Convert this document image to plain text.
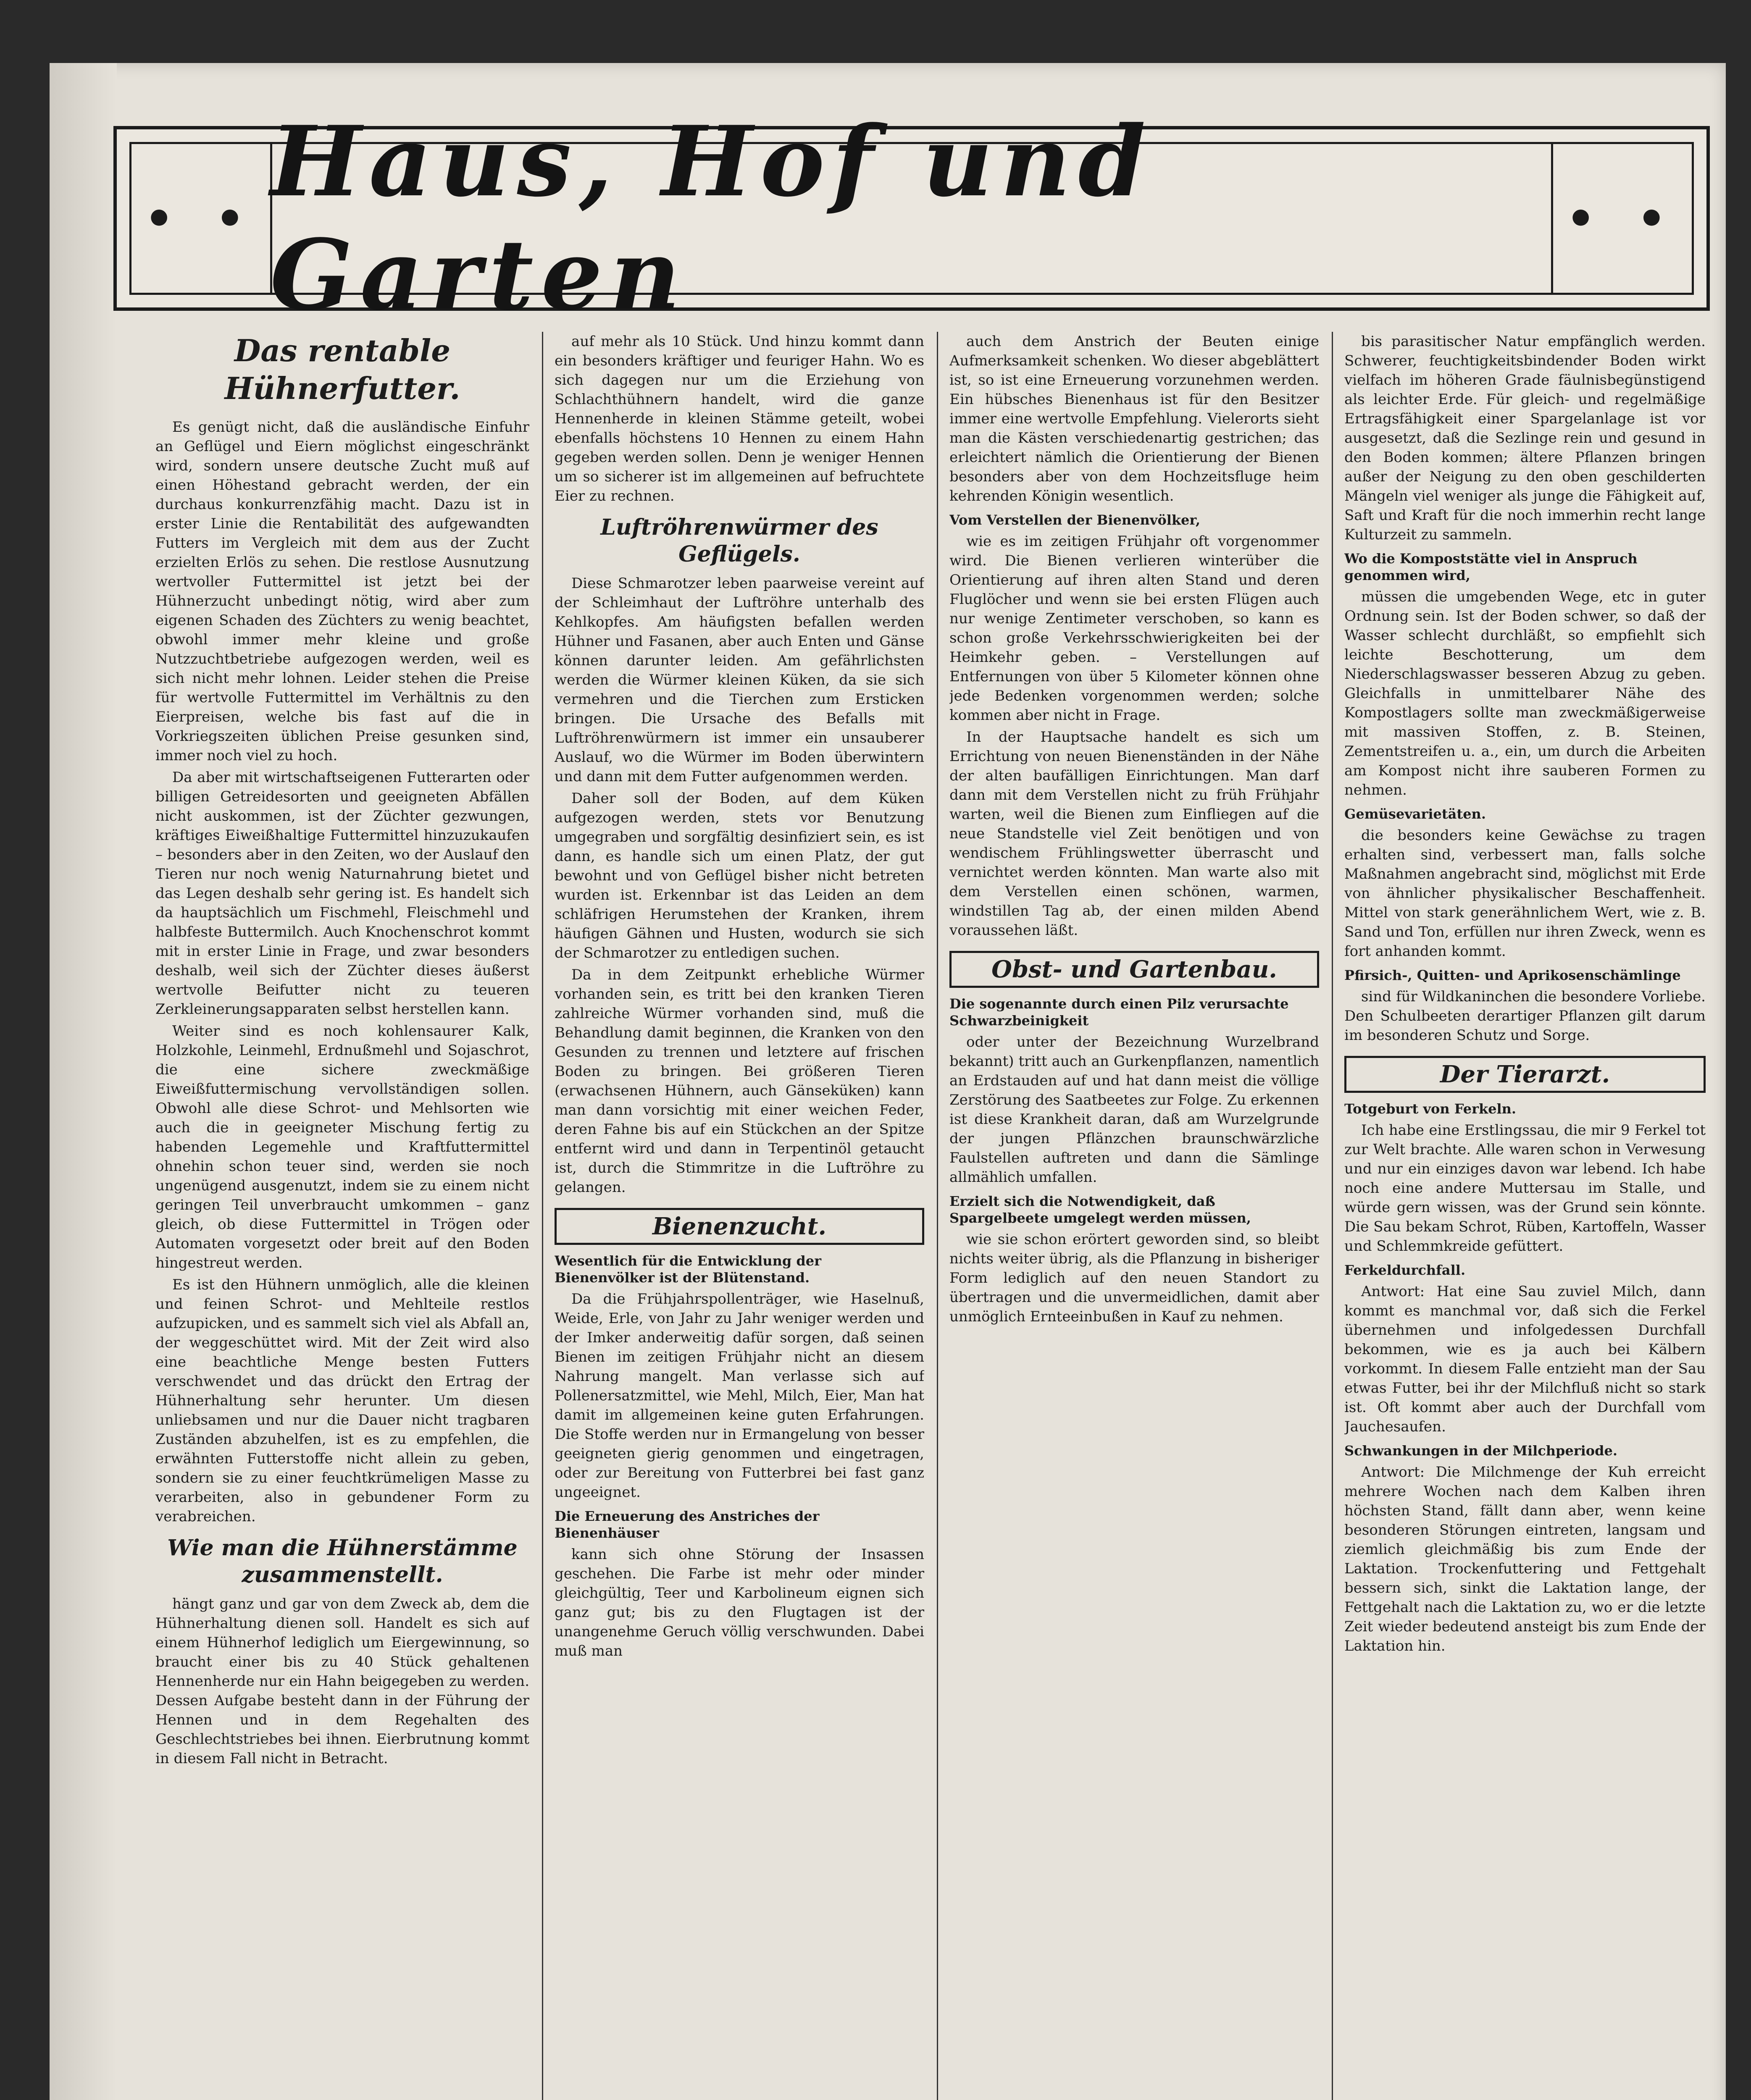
• • Haus, Hof und Garten	• •
Das rentable Hühnerfutter.

Es genügt nicht, daß die ausländische Einfuhr an Geflügel und Eiern möglichst eingeschränkt wird, sondern unsere deutsche Zucht muß auf einen Höhestand gebracht werden, der ein durchaus konkurrenzfähig macht. Dazu ist in erster Linie die Rentabilität des aufgewandten Futters im Vergleich mit dem aus der Zucht erzielten Erlös zu sehen. Die restlose Ausnutzung wertvoller Futtermittel ist jetzt bei der Hühnerzucht unbedingt nötig, wird aber zum eigenen Schaden des Züchters zu wenig beachtet, obwohl immer mehr kleine und große Nutzzuchtbetriebe aufgezogen werden, weil es sich nicht mehr lohnen. Leider stehen die Preise für wertvolle Futtermittel im Verhältnis zu den Eierpreisen, welche bis fast auf die in Vorkriegszeiten üblichen Preise gesunken sind, immer noch viel zu hoch.

Da aber mit wirtschaftseigenen Futterarten oder billigen Getreidesorten und geeigneten Abfällen nicht auskommen, ist der Züchter gezwungen, kräftiges Eiweißhaltige Futtermittel hinzuzukaufen – besonders aber in den Zeiten, wo der Auslauf den Tieren nur noch wenig Naturnahrung bietet und das Legen deshalb sehr gering ist. Es handelt sich da hauptsächlich um Fischmehl, Fleischmehl und halbfeste Buttermilch. Auch Knochenschrot kommt mit in erster Linie in Frage, und zwar besonders deshalb, weil sich der Züchter dieses äußerst wertvolle Beifutter nicht zu teueren Zerkleinerungsapparaten selbst herstellen kann.

Weiter sind es noch kohlensaurer Kalk, Holzkohle, Leinmehl, Erdnußmehl und Sojaschrot, die eine sichere zweckmäßige Eiweißfuttermischung vervollständigen sollen. Obwohl alle diese Schrot- und Mehlsorten wie auch die in geeigneter Mischung fertig zu habenden Legemehle und Kraftfuttermittel ohnehin schon teuer sind, werden sie noch ungenügend ausgenutzt, indem sie zu einem nicht geringen Teil unverbraucht umkommen – ganz gleich, ob diese Futtermittel in Trögen oder Automaten vorgesetzt oder breit auf den Boden hingestreut werden.

Es ist den Hühnern unmöglich, alle die kleinen und feinen Schrot- und Mehlteile restlos aufzupicken, und es sammelt sich viel als Abfall an, der weggeschüttet wird. Mit der Zeit wird also eine beachtliche Menge besten Futters verschwendet und das drückt den Ertrag der Hühnerhaltung sehr herunter. Um diesen unliebsamen und nur die Dauer nicht tragbaren Zuständen abzuhelfen, ist es zu empfehlen, die erwähnten Futterstoffe nicht allein zu geben, sondern sie zu einer feuchtkrümeligen Masse zu verarbeiten, also in gebundener Form zu verabreichen.

Wie man die Hühnerstämme zusammenstellt.

hängt ganz und gar von dem Zweck ab, dem die Hühnerhaltung dienen soll. Handelt es sich auf einem Hühnerhof lediglich um Eiergewinnung, so braucht einer bis zu 40 Stück gehaltenen Hennenherde nur ein Hahn beigegeben zu werden. Dessen Aufgabe besteht dann in der Führung der Hennen und in dem Regehalten des Geschlechtstriebes bei ihnen. Eierbrutnung kommt in diesem Fall nicht in Betracht.

auf mehr als 10 Stück. Und hinzu kommt dann ein besonders kräftiger und feuriger Hahn. Wo es sich dagegen nur um die Erziehung von Schlachthühnern handelt, wird die ganze Hennenherde in kleinen Stämme geteilt, wobei ebenfalls höchstens 10 Hennen zu einem Hahn gegeben werden sollen. Denn je weniger Hennen um so sicherer ist im allgemeinen auf befruchtete Eier zu rechnen.

Luftröhrenwürmer des Geflügels.

Diese Schmarotzer leben paarweise vereint auf der Schleimhaut der Luftröhre unterhalb des Kehlkopfes. Am häufigsten befallen werden Hühner und Fasanen, aber auch Enten und Gänse können darunter leiden. Am gefährlichsten werden die Würmer kleinen Küken, da sie sich vermehren und die Tierchen zum Ersticken bringen. Die Ursache des Befalls mit Luftröhrenwürmern ist immer ein unsauberer Auslauf, wo die Würmer im Boden überwintern und dann mit dem Futter aufgenommen werden.

Daher soll der Boden, auf dem Küken aufgezogen werden, stets vor Benutzung umgegraben und sorgfältig desinfiziert sein, es ist dann, es handle sich um einen Platz, der gut bewohnt und von Geflügel bisher nicht betreten wurden ist. Erkennbar ist das Leiden an dem schläfrigen Herumstehen der Kranken, ihrem häufigen Gähnen und Husten, wodurch sie sich der Schmarotzer zu entledigen suchen.

Da in dem Zeitpunkt erhebliche Würmer vorhanden sein, es tritt bei den kranken Tieren zahlreiche Würmer vorhanden sind, muß die Behandlung damit beginnen, die Kranken von den Gesunden zu trennen und letztere auf frischen Boden zu bringen. Bei größeren Tieren (erwachsenen Hühnern, auch Gänseküken) kann man dann vorsichtig mit einer weichen Feder, deren Fahne bis auf ein Stückchen an der Spitze entfernt wird und dann in Terpentinöl getaucht ist, durch die Stimmritze in die Luftröhre zu gelangen.

Bienenzucht.
Wesentlich für die Entwicklung der Bienenvölker ist der Blütenstand.

Da die Frühjahrspollenträger, wie Haselnuß, Weide, Erle, von Jahr zu Jahr weniger werden und der Imker anderweitig dafür sorgen, daß seinen Bienen im zeitigen Frühjahr nicht an diesem Nahrung mangelt. Man verlasse sich auf Pollenersatzmittel, wie Mehl, Milch, Eier, Man hat damit im allgemeinen keine guten Erfahrungen. Die Stoffe werden nur in Ermangelung von besser geeigneten gierig genommen und eingetragen, oder zur Bereitung von Futterbrei bei fast ganz ungeeignet.

Die Erneuerung des Anstriches der Bienenhäuser

kann sich ohne Störung der Insassen geschehen. Die Farbe ist mehr oder minder gleichgültig, Teer und Karbolineum eignen sich ganz gut; bis zu den Flugtagen ist der unangenehme Geruch völlig verschwunden. Dabei muß man

auch dem Anstrich der Beuten einige Aufmerksamkeit schenken. Wo dieser abgeblättert ist, so ist eine Erneuerung vorzunehmen werden. Ein hübsches Bienenhaus ist für den Besitzer immer eine wertvolle Empfehlung. Vielerorts sieht man die Kästen verschiedenartig gestrichen; das erleichtert nämlich die Orientierung der Bienen besonders aber von dem Hochzeitsfluge heim kehrenden Königin wesentlich.

Vom Verstellen der Bienenvölker,

wie es im zeitigen Frühjahr oft vorgenommer wird. Die Bienen verlieren winterüber die Orientierung auf ihren alten Stand und deren Fluglöcher und wenn sie bei ersten Flügen auch nur wenige Zentimeter verschoben, so kann es schon große Verkehrsschwierigkeiten bei der Heimkehr geben. – Verstellungen auf Entfernungen von über 5 Kilometer können ohne jede Bedenken vorgenommen werden; solche kommen aber nicht in Frage.

In der Hauptsache handelt es sich um Errichtung von neuen Bienenständen in der Nähe der alten baufälligen Einrichtungen. Man darf dann mit dem Verstellen nicht zu früh Frühjahr warten, weil die Bienen zum Einfliegen auf die neue Standstelle viel Zeit benötigen und von wendischem Frühlingswetter überrascht und vernichtet werden könnten. Man warte also mit dem Verstellen einen schönen, warmen, windstillen Tag ab, der einen milden Abend voraussehen läßt.

Obst- und Gartenbau.
Die sogenannte durch einen Pilz verursachte Schwarzbeinigkeit

oder unter der Bezeichnung Wurzelbrand bekannt) tritt auch an Gurkenpflanzen, namentlich an Erdstauden auf und hat dann meist die völlige Zerstörung des Saatbeetes zur Folge. Zu erkennen ist diese Krankheit daran, daß am Wurzelgrunde der jungen Pflänzchen braunschwärzliche Faulstellen auftreten und dann die Sämlinge allmählich umfallen.

Erzielt sich die Notwendigkeit, daß Spargelbeete umgelegt werden müssen,

wie sie schon erörtert geworden sind, so bleibt nichts weiter übrig, als die Pflanzung in bisheriger Form lediglich auf den neuen Standort zu übertragen und die unvermeidlichen, damit aber unmöglich Ernteeinbußen in Kauf zu nehmen.

bis parasitischer Natur empfänglich werden. Schwerer, feuchtigkeitsbindender Boden wirkt vielfach im höheren Grade fäulnisbegünstigend als leichter Erde. Für gleich- und regelmäßige Ertragsfähigkeit einer Spargelanlage ist vor ausgesetzt, daß die Sezlinge rein und gesund in den Boden kommen; ältere Pflanzen bringen außer der Neigung zu den oben geschilderten Mängeln viel weniger als junge die Fähigkeit auf, Saft und Kraft für die noch immerhin recht lange Kulturzeit zu sammeln.

Wo die Kompoststätte viel in Anspruch genommen wird,

müssen die umgebenden Wege, etc in guter Ordnung sein. Ist der Boden schwer, so daß der Wasser schlecht durchläßt, so empfiehlt sich leichte Beschotterung, um dem Niederschlagswasser besseren Abzug zu geben. Gleichfalls in unmittelbarer Nähe des Kompostlagers sollte man zweckmäßigerweise mit massiven Stoffen, z. B. Steinen, Zementstreifen u. a., ein, um durch die Arbeiten am Kompost nicht ihre sauberen Formen zu nehmen.

Gemüsevarietäten.

die besonders keine Gewächse zu tragen erhalten sind, verbessert man, falls solche Maßnahmen angebracht sind, möglichst mit Erde von ähnlicher physikalischer Beschaffenheit. Mittel von stark generähnlichem Wert, wie z. B. Sand und Ton, erfüllen nur ihren Zweck, wenn es fort anhanden kommt.

Pfirsich-, Quitten- und Aprikosenschämlinge

sind für Wildkaninchen die besondere Vorliebe. Den Schulbeeten derartiger Pflanzen gilt darum im besonderen Schutz und Sorge.

Der Tierarzt.
Totgeburt von Ferkeln.

Ich habe eine Erstlingssau, die mir 9 Ferkel tot zur Welt brachte. Alle waren schon in Verwesung und nur ein einziges davon war lebend. Ich habe noch eine andere Muttersau im Stalle, und würde gern wissen, was der Grund sein könnte. Die Sau bekam Schrot, Rüben, Kartoffeln, Wasser und Schlemmkreide gefüttert.

Ferkeldurchfall.

Antwort: Hat eine Sau zuviel Milch, dann kommt es manchmal vor, daß sich die Ferkel übernehmen und infolgedessen Durchfall bekommen, wie es ja auch bei Kälbern vorkommt. In diesem Falle entzieht man der Sau etwas Futter, bei ihr der Milchfluß nicht so stark ist. Oft kommt aber auch der Durchfall vom Jauchesaufen.

Schwankungen in der Milchperiode.

Antwort: Die Milchmenge der Kuh erreicht mehrere Wochen nach dem Kalben ihren höchsten Stand, fällt dann aber, wenn keine besonderen Störungen eintreten, langsam und ziemlich gleichmäßig bis zum Ende der Laktation. Trockenfuttering und Fettgehalt bessern sich, sinkt die Laktation lange, der Fettgehalt nach die Laktation zu, wo er die letzte Zeit wieder bedeutend ansteigt bis zum Ende der Laktation hin.
